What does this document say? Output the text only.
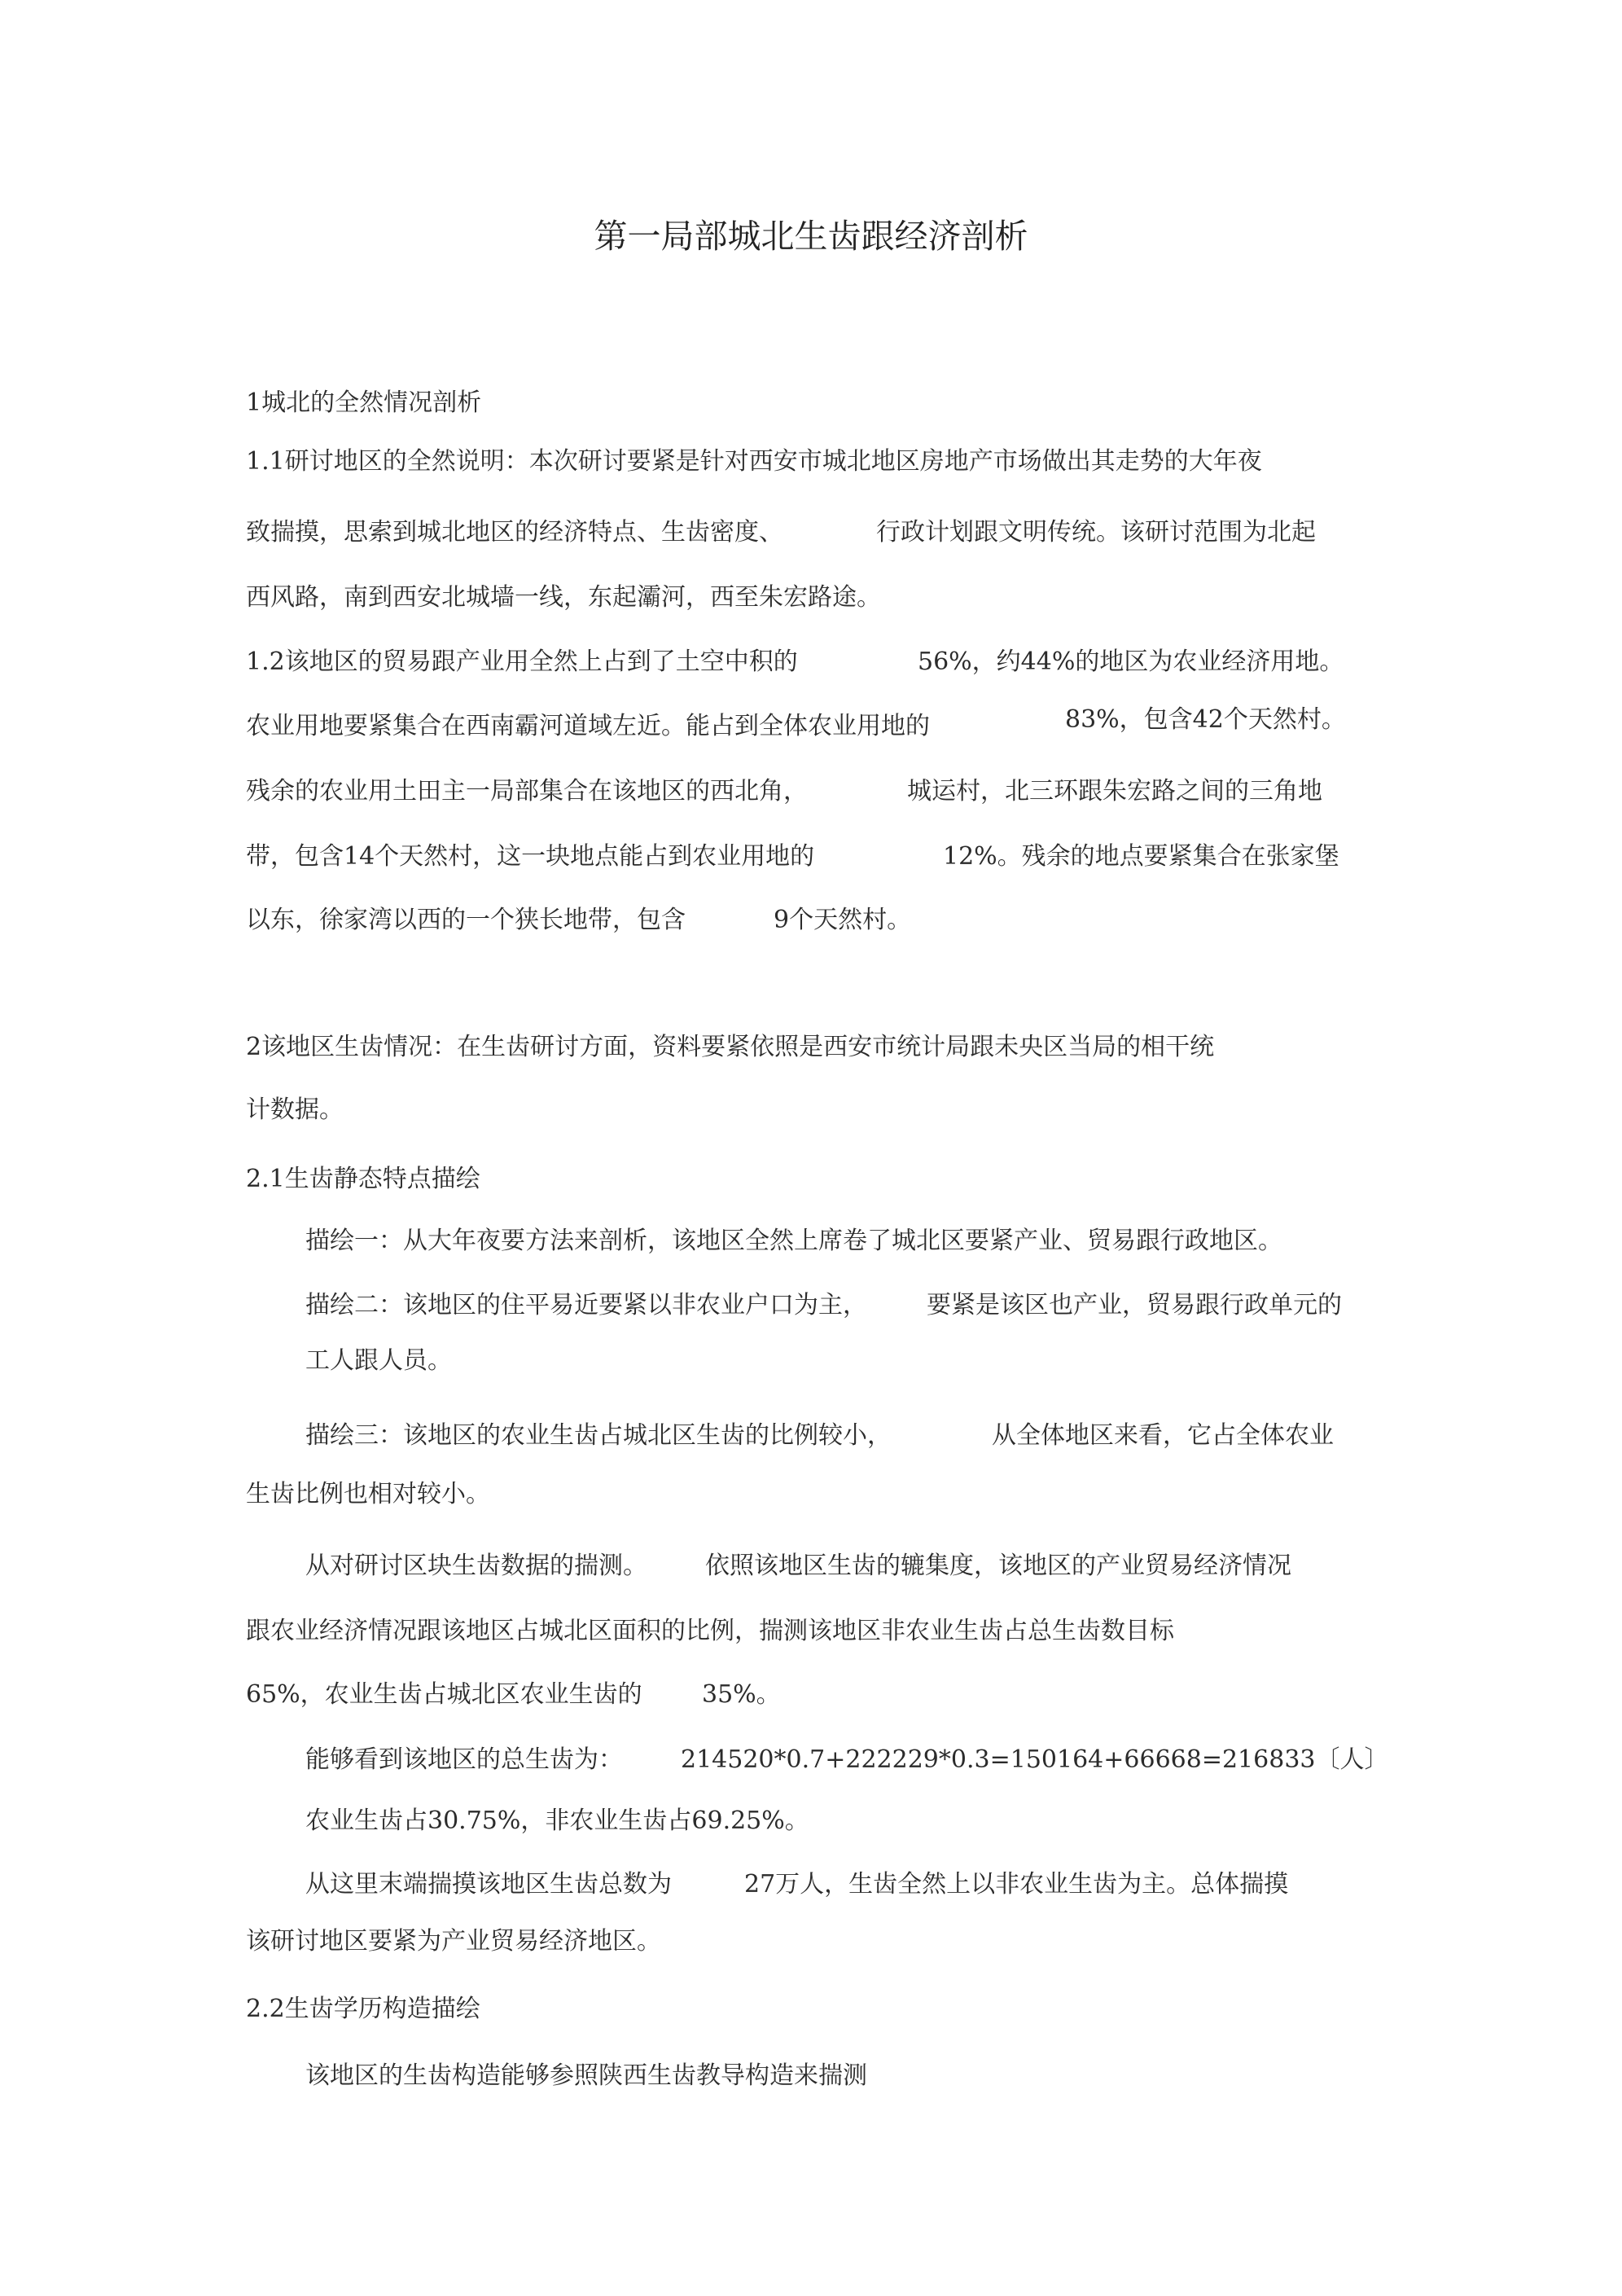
第一局部城北生齿跟经济剖析
1城北的全然情况剖析
1.1研讨地区的全然说明：本次研讨要紧是针对西安市城北地区房地产市场做出其走势的大年夜
致揣摸，思索到城北地区的经济特点、生齿密度、	行政计划跟文明传统。该研讨范围为北起
西风路，南到西安北城墙一线，东起灞河，西至朱宏路途。
1.2该地区的贸易跟产业用全然上占到了土空中积的	56%，约44%的地区为农业经济用地。
农业用地要紧集合在西南霸河道域左近。能占到全体农业用地的	83%，包含42个天然村。
残余的农业用土田主一局部集合在该地区的西北角，	城运村，北三环跟朱宏路之间的三角地
带，包含14个天然村，这一块地点能占到农业用地的	12%。残余的地点要紧集合在张家堡
以东，徐家湾以西的一个狭长地带，包含	9个天然村。
2该地区生齿情况：在生齿研讨方面，资料要紧依照是西安市统计局跟未央区当局的相干统
计数据。
2.1生齿静态特点描绘
描绘一：从大年夜要方法来剖析，该地区全然上席卷了城北区要紧产业、贸易跟行政地区。
描绘二：该地区的住平易近要紧以非农业户口为主， 要紧是该区也产业，贸易跟行政单元的
工人跟人员。
描绘三：该地区的农业生齿占城北区生齿的比例较小，	从全体地区来看，它占全体农业
生齿比例也相对较小。
从对研讨区块生齿数据的揣测。 依照该地区生齿的辘集度，该地区的产业贸易经济情况
跟农业经济情况跟该地区占城北区面积的比例，揣测该地区非农业生齿占总生齿数目标
65%，农业生齿占城北区农业生齿的 35%。
能够看到该地区的总生齿为： 214520*0.7+222229*0.3=150164+66668=216833〔人〕
农业生齿占30.75%，非农业生齿占69.25%。
从这里末端揣摸该地区生齿总数为	27万人，生齿全然上以非农业生齿为主。总体揣摸
该研讨地区要紧为产业贸易经济地区。
2.2生齿学历构造描绘
该地区的生齿构造能够参照陕西生齿教导构造来揣测
